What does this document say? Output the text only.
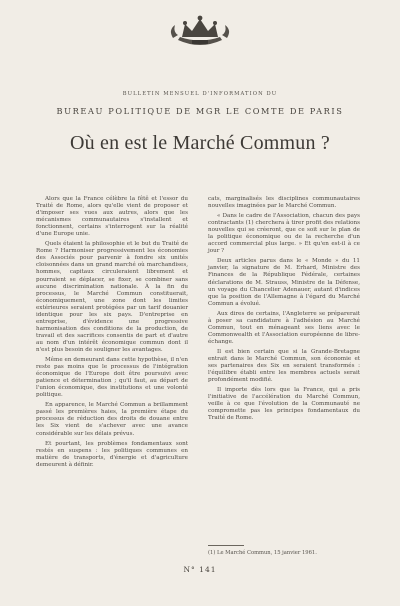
BULLETIN MENSUEL D'INFORMATION DU
BUREAU POLITIQUE DE MGR LE COMTE DE PARIS
Où en est le Marché Commun ?

Alors que la France célèbre la fêtê et l'essor du Traité de Rome, alors qu'elle vient de proposer et d'imposer ses vues aux autres, alors que les mécanismes communautaires s'installent et fonctionnent, certains s'interrogent sur la réalité d'une Europe unie.

Quels étaient la philosophie et le but du Traité de Rome ? Harmoniser progressivement les économies des Associés pour parvenir à fondre six unités cloisonnées dans un grand marché où marchandises, hommes, capitaux circuleraient librement et pourraient se déplacer, se fixer, se combiner sans aucune discrimination nationale. À la fin du processus, le Marché Commun constituerait, économiquement, une zone dont les limites extérieures seraient protégées par un tarif douanier identique pour les six pays. D'entreprise en entreprise, d'évidence une progressive harmonisation des conditions de la production, de travail et des sacrifices consentis de part et d'autre au nom d'un intérêt économique commun dont il n'est plus besoin de souligner les avantages.

Même en demeurant dans cette hypothèse, il n'en reste pas moins que le processus de l'intégration économique de l'Europe doit être poursuivi avec patience et détermination ; qu'il faut, au départ de l'union économique, des institutions et une volonté politique.

En apparence, le Marché Commun a brillamment passé les premières haies, la première étape du processus de réduction des droits de douane entre les Six vient de s'achever avec une avance considérable sur les délais prévus.

Et pourtant, les problèmes fondamentaux sont restés en suspens : les politiques communes en matière de transports, d'énergie et d'agriculture demeurent à définir.

cats, marginalisés les disciplines communautaires nouvelles imaginées par le Marché Commun.

« Dans le cadre de l'Association, chacun des pays contractants (1) cherchera à tirer profit des relations nouvelles qui se créeront, que ce soit sur le plan de la politique économique ou de la recherche d'un accord commercial plus large. » Et qu'en est-il à ce jour ?

Deux articles parus dans le « Monde » du 11 janvier, la signature de M. Erhard, Ministre des Finances de la République Fédérale, certaines déclarations de M. Strauss, Ministre de la Défense, un voyage du Chancelier Adenauer, autant d'indices que la position de l'Allemagne à l'égard du Marché Commun a évolué.

Aux dires de certains, l'Angleterre se préparerait à poser sa candidature à l'adhésion au Marché Commun, tout en ménageant ses liens avec le Commonwealth et l'Association européenne de libre-échange.

Il est bien certain que si la Grande-Bretagne entrait dans le Marché Commun, son économie et ses partenaires des Six en seraient transformés : l'équilibre établi entre les membres actuels serait profondément modifié.

Il importe dès lors que la France, qui a pris l'initiative de l'accélération du Marché Commun, veille à ce que l'évolution de la Communauté ne compromette pas les principes fondamentaux du Traité de Rome.

(1) Le Marché Commun, 15 janvier 1961.
N° 141
